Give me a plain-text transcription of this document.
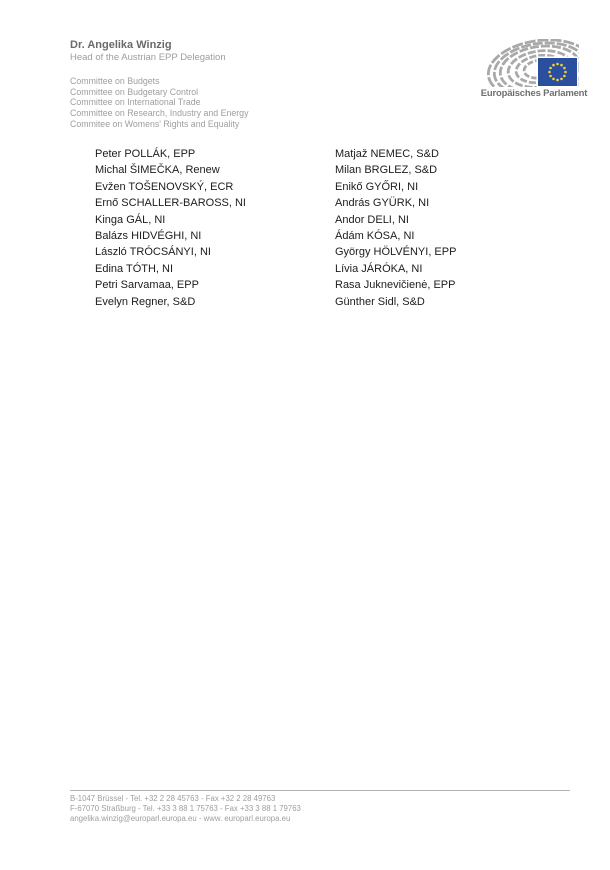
Dr. Angelika Winzig
Head of the Austrian EPP Delegation
Committee on Budgets
Committee on Budgetary Control
Committee on International Trade
Committee on Research, Industry and Energy
Commitee on Womens' Rights and Equality
Europäisches Parlament
Peter POLLÁK, EPP
Michal ŠIMEČKA, Renew
Evžen TOŠENOVSKÝ, ECR
Ernő SCHALLER-BAROSS, NI
Kinga GÁL, NI
Balázs HIDVÉGHI, NI
László TRÓCSÁNYI, NI
Edina TÓTH, NI
Petri Sarvamaa, EPP
Evelyn Regner, S&D
Matjaž NEMEC, S&D
Milan BRGLEZ, S&D
Enikő GYŐRI, NI
András GYÜRK, NI
Andor DELI, NI
Ádám KÓSA, NI
György HÖLVÉNYI, EPP
Lívia JÁRÓKA, NI
Rasa Juknevičienė, EPP
Günther Sidl, S&D
B-1047 Brüssel - Tel. +32 2 28 45763 - Fax +32 2 28 49763
F-67070 Straßburg - Tel. +33 3 88 1 75763 - Fax +33 3 88 1 79763
angelika.winzig@europarl.europa.eu - www. europarl.europa.eu
